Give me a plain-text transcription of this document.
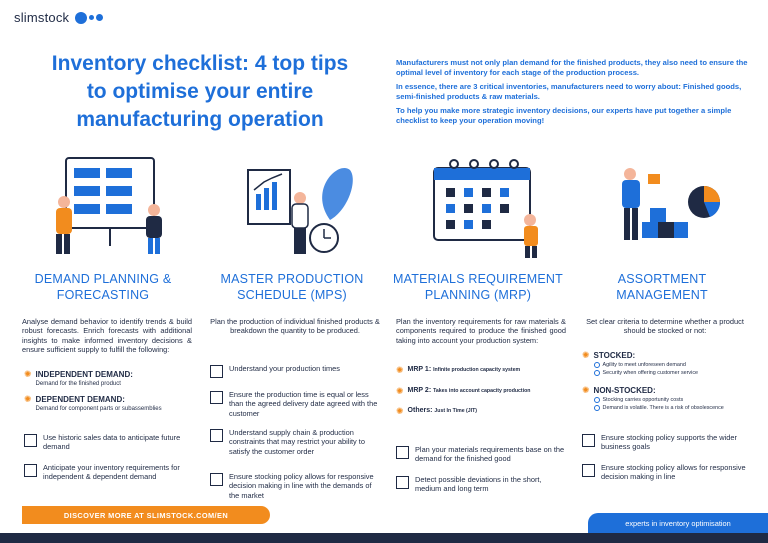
slimstock
Inventory checklist: 4 top tips to optimise your entire manufacturing operation

Manufacturers must not only plan demand for the finished products, they also need to ensure the optimal level of inventory for each stage of the production process.

In essence, there are 3 critical inventories, manufacturers need to worry about: Finished goods, semi-finished products & raw materials.

To help you make more strategic inventory decisions, our experts have put together a simple checklist to keep your operation moving!

DEMAND PLANNING & FORECASTING

Analyse demand behavior to identify trends & build robust forecasts. Enrich forecasts with additional insights to make informed inventory decisions & ensure sufficient supply to fulfill the following:

✺ INDEPENDENT DEMAND:
Demand for the finished product
✺ DEPENDENT DEMAND:
Demand for component parts or subassemblies
Use historic sales data to anticipate future demand
Anticipate your inventory requirements for independent & dependent demand
MASTER PRODUCTION SCHEDULE (MPS)

Plan the production of individual finished products & breakdown the quantity to be produced.

Understand your production times
Ensure the production time is equal or less than the agreed delivery date agreed with the customer
Understand supply chain & production constraints that may restrict your ability to satisfy the customer order
Ensure stocking policy allows for responsive decision making in line with the demands of the market
MATERIALS REQUIREMENT PLANNING (MRP)

Plan the inventory requirements for raw materials & components required to produce the finished good taking into account your production system:

✺ MRP 1: Infinite production capacity system
✺ MRP 2: Takes into account capacity production
✺ Others: Just In Time (JIT)
Plan your materials requirements base on the demand for the finished good
Detect possible deviations in the short, medium and long term
ASSORTMENT MANAGEMENT

Set clear criteria to determine whether a product should be stocked or not:

✺ STOCKED:
Agility to meet unforeseen demand
Security when offering customer service
✺ NON-STOCKED:
Stocking carries opportunity costs
Demand is volatile. There is a risk of obsolescence
Ensure stocking policy supports the wider business goals
Ensure stocking policy allows for responsive decision making in line
DISCOVER MORE AT SLIMSTOCK.COM/EN
experts in inventory optimisation
